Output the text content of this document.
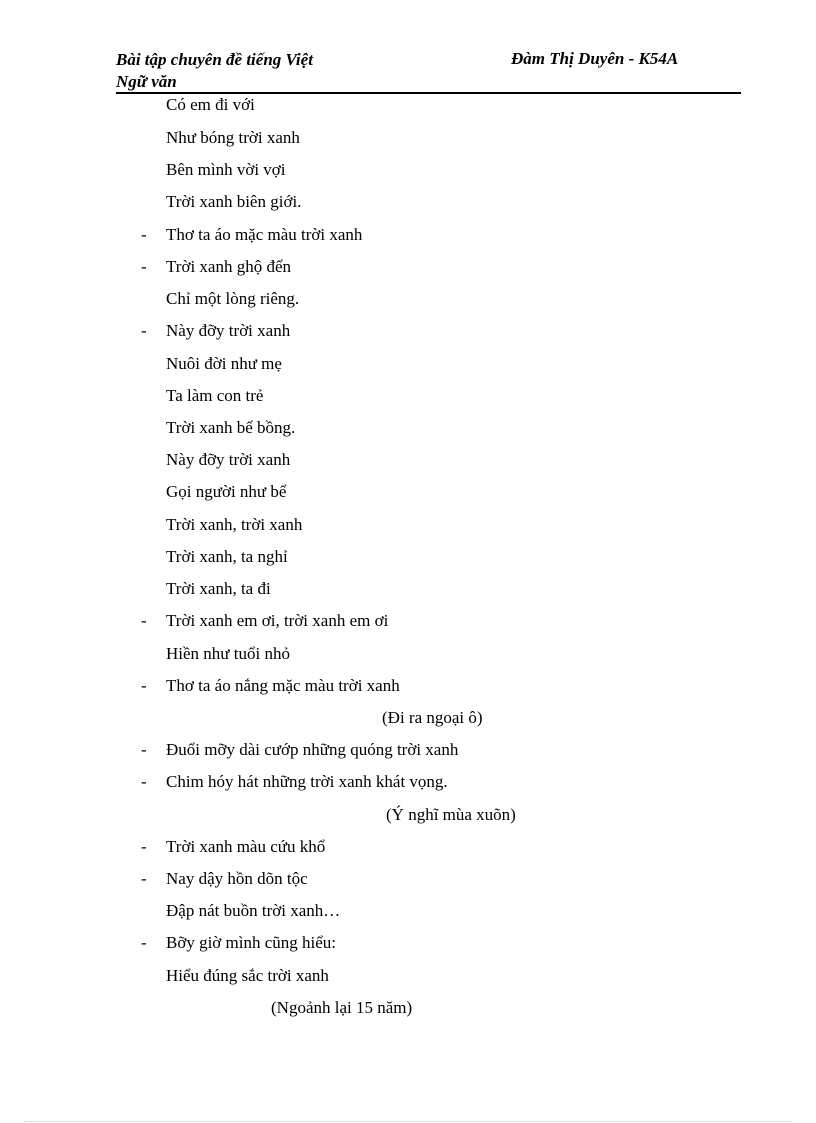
Bài tập chuyên đề tiếng Việt
Ngữ văn
Đàm Thị Duyên - K54A
Có em đi với
Như bóng trời xanh
Bên mình vời vợi
Trời xanh biên giới.
- Thơ ta áo mặc màu trời xanh
- Trời xanh ghộ đến
Chỉ một lòng riêng.
- Này đỡy trời xanh
Nuôi đời như mẹ
Ta làm con trẻ
Trời xanh bế bồng.
Này đỡy trời xanh
Gọi người như bể
Trời xanh, trời xanh
Trời xanh, ta nghỉ
Trời xanh, ta đi
- Trời xanh em ơi, trời xanh em ơi
Hiền như tuổi nhỏ
- Thơ ta áo nắng mặc màu trời xanh
(Đi ra ngoại ô)
- Đuổi mỡy dài cướp những quóng trời xanh
- Chim hóy hát những trời xanh khát vọng.
(Ý nghĩ mùa xuõn)
- Trời xanh màu cứu khổ
- Nay dậy hồn dõn tộc
Đập nát buồn trời xanh…
- Bỡy giờ mình cũng hiểu:
Hiểu đúng sắc trời xanh
(Ngoảnh lại 15 năm)
